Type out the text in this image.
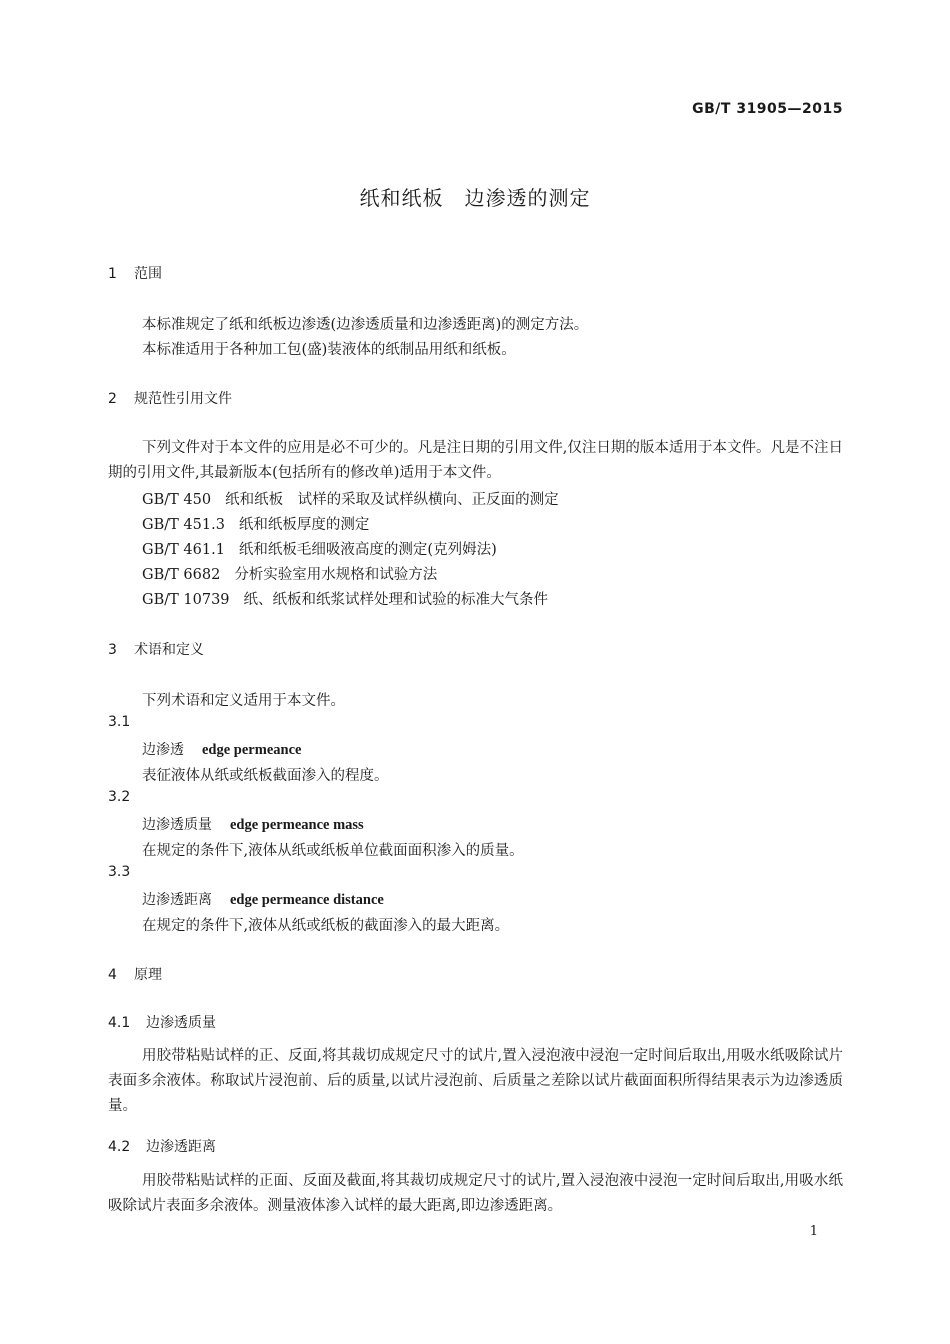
GB/T 31905—2015
纸和纸板　边渗透的测定
1 范围
本标准规定了纸和纸板边渗透(边渗透质量和边渗透距离)的测定方法。
本标准适用于各种加工包(盛)装液体的纸制品用纸和纸板。
2 规范性引用文件
下列文件对于本文件的应用是必不可少的。凡是注日期的引用文件,仅注日期的版本适用于本文件。凡是不注日期的引用文件,其最新版本(包括所有的修改单)适用于本文件。
GB/T 450 纸和纸板　试样的采取及试样纵横向、正反面的测定
GB/T 451.3 纸和纸板厚度的测定
GB/T 461.1 纸和纸板毛细吸液高度的测定(克列姆法)
GB/T 6682 分析实验室用水规格和试验方法
GB/T 10739 纸、纸板和纸浆试样处理和试验的标准大气条件
3 术语和定义
下列术语和定义适用于本文件。
3.1
边渗透 edge permeance
表征液体从纸或纸板截面渗入的程度。
3.2
边渗透质量 edge permeance mass
在规定的条件下,液体从纸或纸板单位截面面积渗入的质量。
3.3
边渗透距离 edge permeance distance
在规定的条件下,液体从纸或纸板的截面渗入的最大距离。
4 原理
4.1 边渗透质量
用胶带粘贴试样的正、反面,将其裁切成规定尺寸的试片,置入浸泡液中浸泡一定时间后取出,用吸水纸吸除试片表面多余液体。称取试片浸泡前、后的质量,以试片浸泡前、后质量之差除以试片截面面积所得结果表示为边渗透质量。
4.2 边渗透距离
用胶带粘贴试样的正面、反面及截面,将其裁切成规定尺寸的试片,置入浸泡液中浸泡一定时间后取出,用吸水纸吸除试片表面多余液体。测量液体渗入试样的最大距离,即边渗透距离。
1
